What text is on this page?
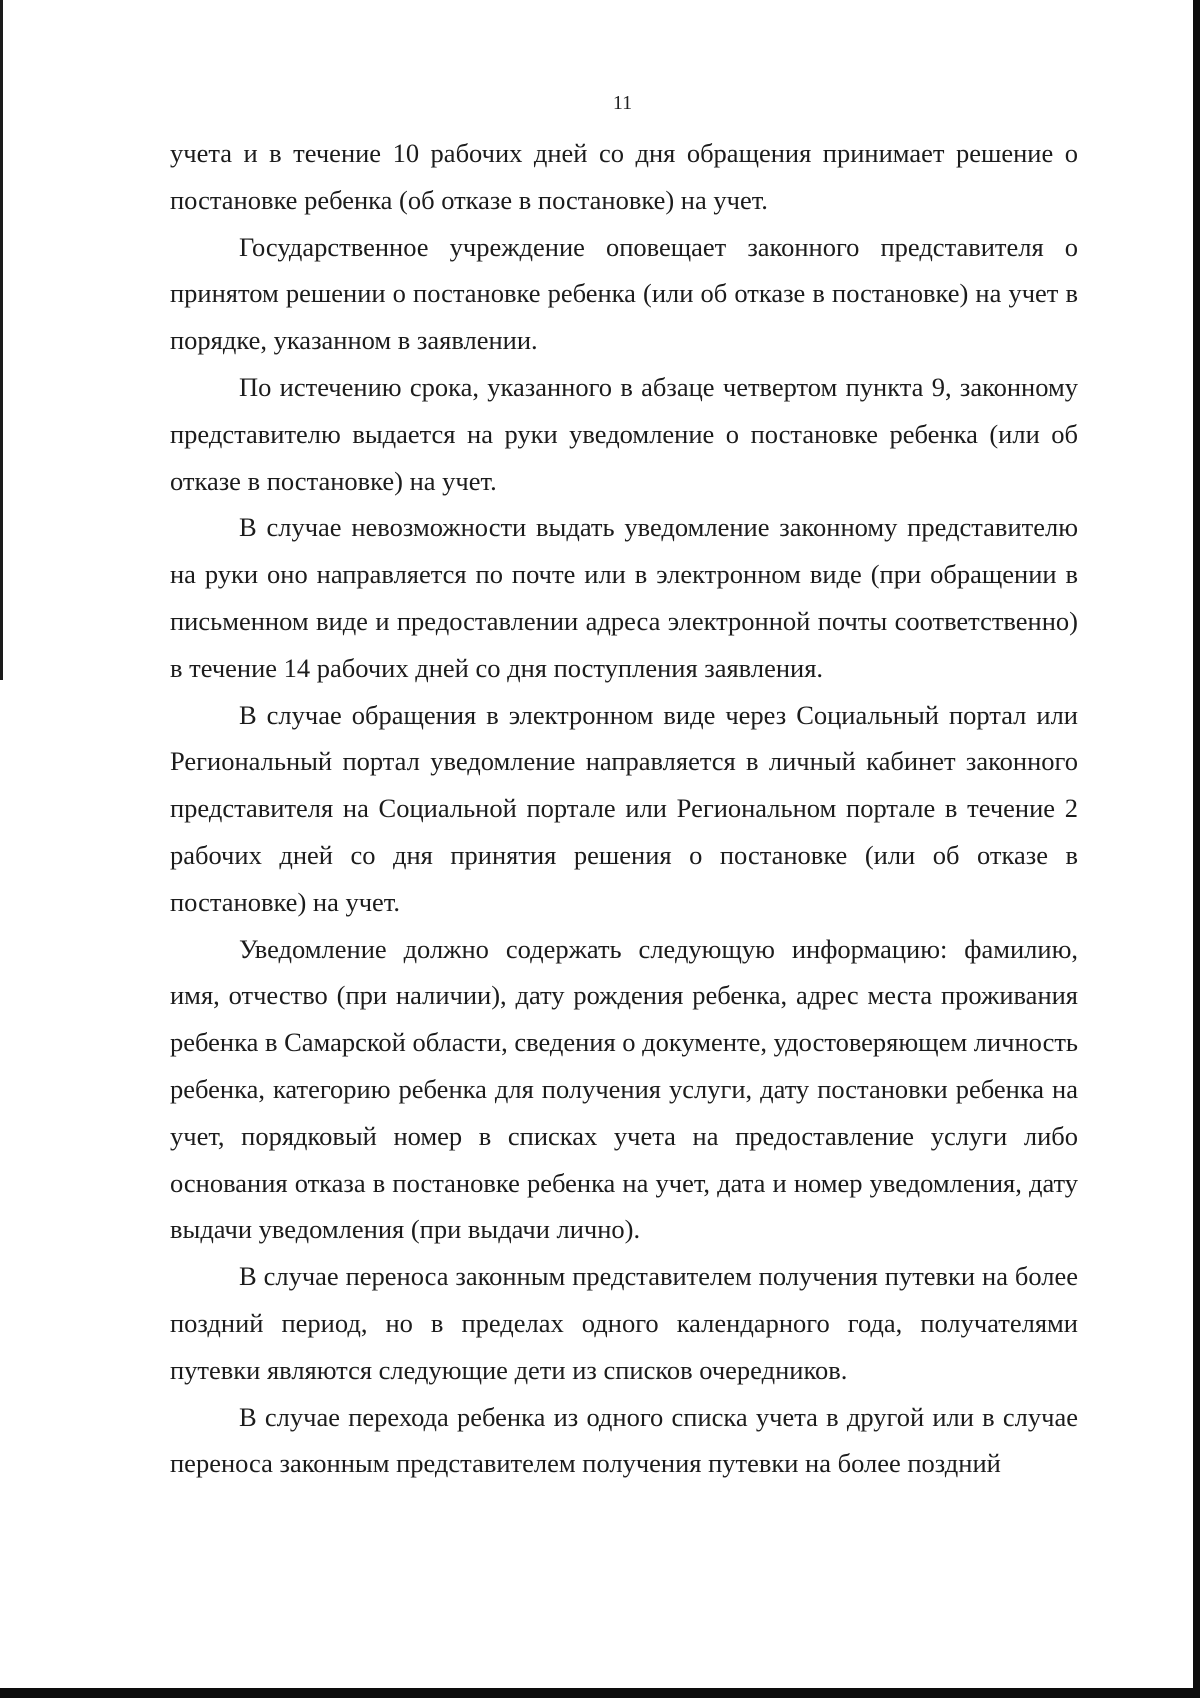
11

учета и в течение 10 рабочих дней со дня обращения принимает решение о постановке ребенка (об отказе в постановке) на учет.

Государственное учреждение оповещает законного представителя о принятом решении о постановке ребенка (или об отказе в постановке) на учет в порядке, указанном в заявлении.

По истечению срока, указанного в абзаце четвертом пункта 9, законному представителю выдается на руки уведомление о постановке ребенка (или об отказе в постановке) на учет.

В случае невозможности выдать уведомление законному представителю на руки оно направляется по почте или в электронном виде (при обращении в письменном виде и предоставлении адреса электронной почты соответственно) в течение 14 рабочих дней со дня поступления заявления.

В случае обращения в электронном виде через Социальный портал или Региональный портал уведомление направляется в личный кабинет законного представителя на Социальной портале или Региональном портале в течение 2 рабочих дней со дня принятия решения о постановке (или об отказе в постановке) на учет.

Уведомление должно содержать следующую информацию: фамилию, имя, отчество (при наличии), дату рождения ребенка, адрес места проживания ребенка в Самарской области, сведения о документе, удостоверяющем личность ребенка, категорию ребенка для получения услуги, дату постановки ребенка на учет, порядковый номер в списках учета на предоставление услуги либо основания отказа в постановке ребенка на учет, дата и номер уведомления, дату выдачи уведомления (при выдачи лично).

В случае переноса законным представителем получения путевки на более поздний период, но в пределах одного календарного года, получателями путевки являются следующие дети из списков очередников.

В случае перехода ребенка из одного списка учета в другой или в случае переноса законным представителем получения путевки на более поздний
